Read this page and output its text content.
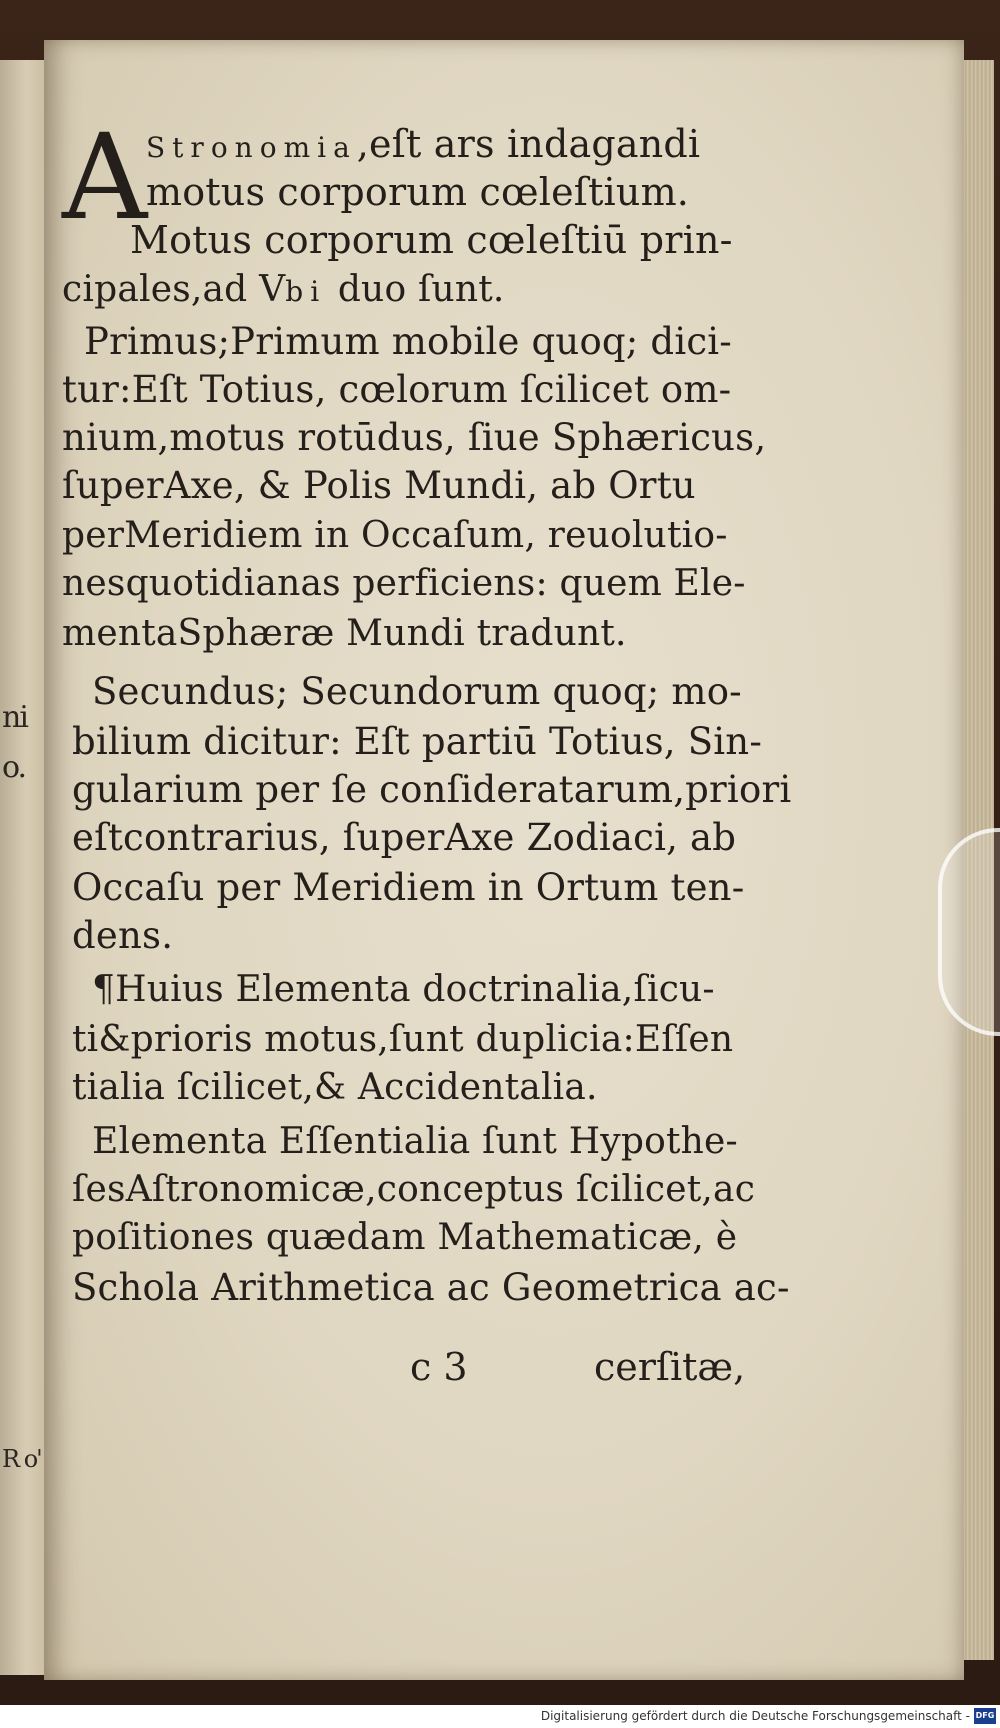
ni
o.
R o'
A
Stronomia,eſt ars indagandi
motus corporum cœleſtium.
Motus corporum cœleſtiū prin-
cipales,ad Vbi duo ſunt.
Primus;Primum mobile quoq; dici-
tur:Eſt Totius, cœlorum ſcilicet om-
nium,motus rotūdus, ſiue Sphæricus,
ſuperAxe, & Polis Mundi, ab Ortu
perMeridiem in Occaſum, reuolutio-
nesquotidianas perficiens: quem Ele-
mentaSphæræ Mundi tradunt.
Secundus; Secundorum quoq; mo-
bilium dicitur: Eſt partiū Totius, Sin-
gularium per ſe conſideratarum,priori
eſtcontrarius, ſuperAxe Zodiaci, ab
Occaſu per Meridiem in Ortum ten-
dens.
¶Huius Elementa doctrinalia,ſicu-
ti&prioris motus,ſunt duplicia:Eſſen
tialia ſcilicet,& Accidentalia.
Elementa Eſſentialia ſunt Hypothe-
ſesAſtronomicæ,conceptus ſcilicet,ac
poſitiones quædam Mathematicæ, è
Schola Arithmetica ac Geometrica ac-
c 3	cerſitæ,
Digitalisierung gefördert durch die Deutsche Forschungsgemeinschaft - DFG
